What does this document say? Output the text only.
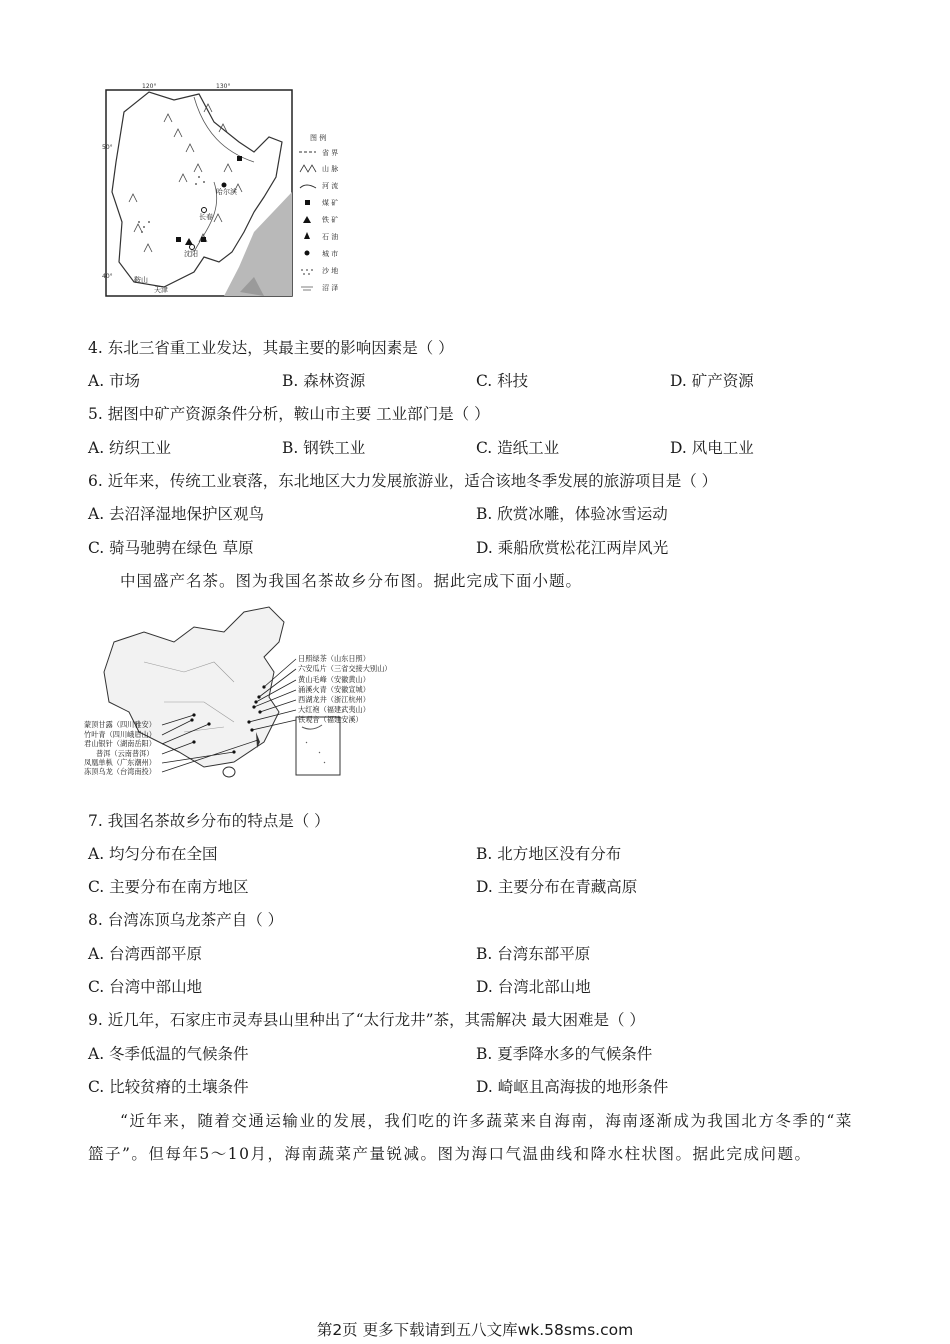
哈尔滨
长春
沈阳
鞍山
天津
50°
40°
120°	130°
图 例
省 界
山 脉
河 流
煤 矿
铁 矿
石 油
城 市
沙 地
沼 泽
4. 东北三省重工业发达，其最主要的影响因素是（ ）
A. 市场	B. 森林资源	C. 科技	D. 矿产资源
5. 据图中矿产资源条件分析，鞍山市主要 工业部门是（ ）
A. 纺织工业	B. 钢铁工业	C. 造纸工业	D. 风电工业
6. 近年来，传统工业衰落，东北地区大力发展旅游业，适合该地冬季发展的旅游项目是（ ）
A. 去沼泽湿地保护区观鸟	B. 欣赏冰雕，体验冰雪运动
C. 骑马驰骋在绿色 草原	D. 乘船欣赏松花江两岸风光
中国盛产名茶。图为我国名茶故乡分布图。据此完成下面小题。
日照绿茶（山东日照）
六安瓜片（三省交接大别山）
黄山毛峰（安徽黄山）
涌溪火青（安徽宣城）
西湖龙井（浙江杭州）
大红袍（福建武夷山）
铁观音（福建安溪）
蒙顶甘露（四川雅安）
竹叶青（四川峨眉山）
君山银针（湖南岳阳）
普洱（云南普洱）
凤凰单枞（广东潮州）
冻顶乌龙（台湾南投）
7. 我国名茶故乡分布的特点是（ ）
A. 均匀分布在全国	B. 北方地区没有分布
C. 主要分布在南方地区	D. 主要分布在青藏高原
8. 台湾冻顶乌龙茶产自（ ）
A. 台湾西部平原	B. 台湾东部平原
C. 台湾中部山地	D. 台湾北部山地
9. 近几年，石家庄市灵寿县山里种出了“太行龙井”茶，其需解决 最大困难是（ ）
A. 冬季低温的气候条件	B. 夏季降水多的气候条件
C. 比较贫瘠的土壤条件	D. 崎岖且高海拔的地形条件
“近年来，随着交通运输业的发展，我们吃的许多蔬菜来自海南，海南逐渐成为我国北方冬季的“菜篮子”。但每年5～10月，海南蔬菜产量锐减。图为海口气温曲线和降水柱状图。据此完成问题。
第2页 更多下载请到五八文库wk.58sms.com
